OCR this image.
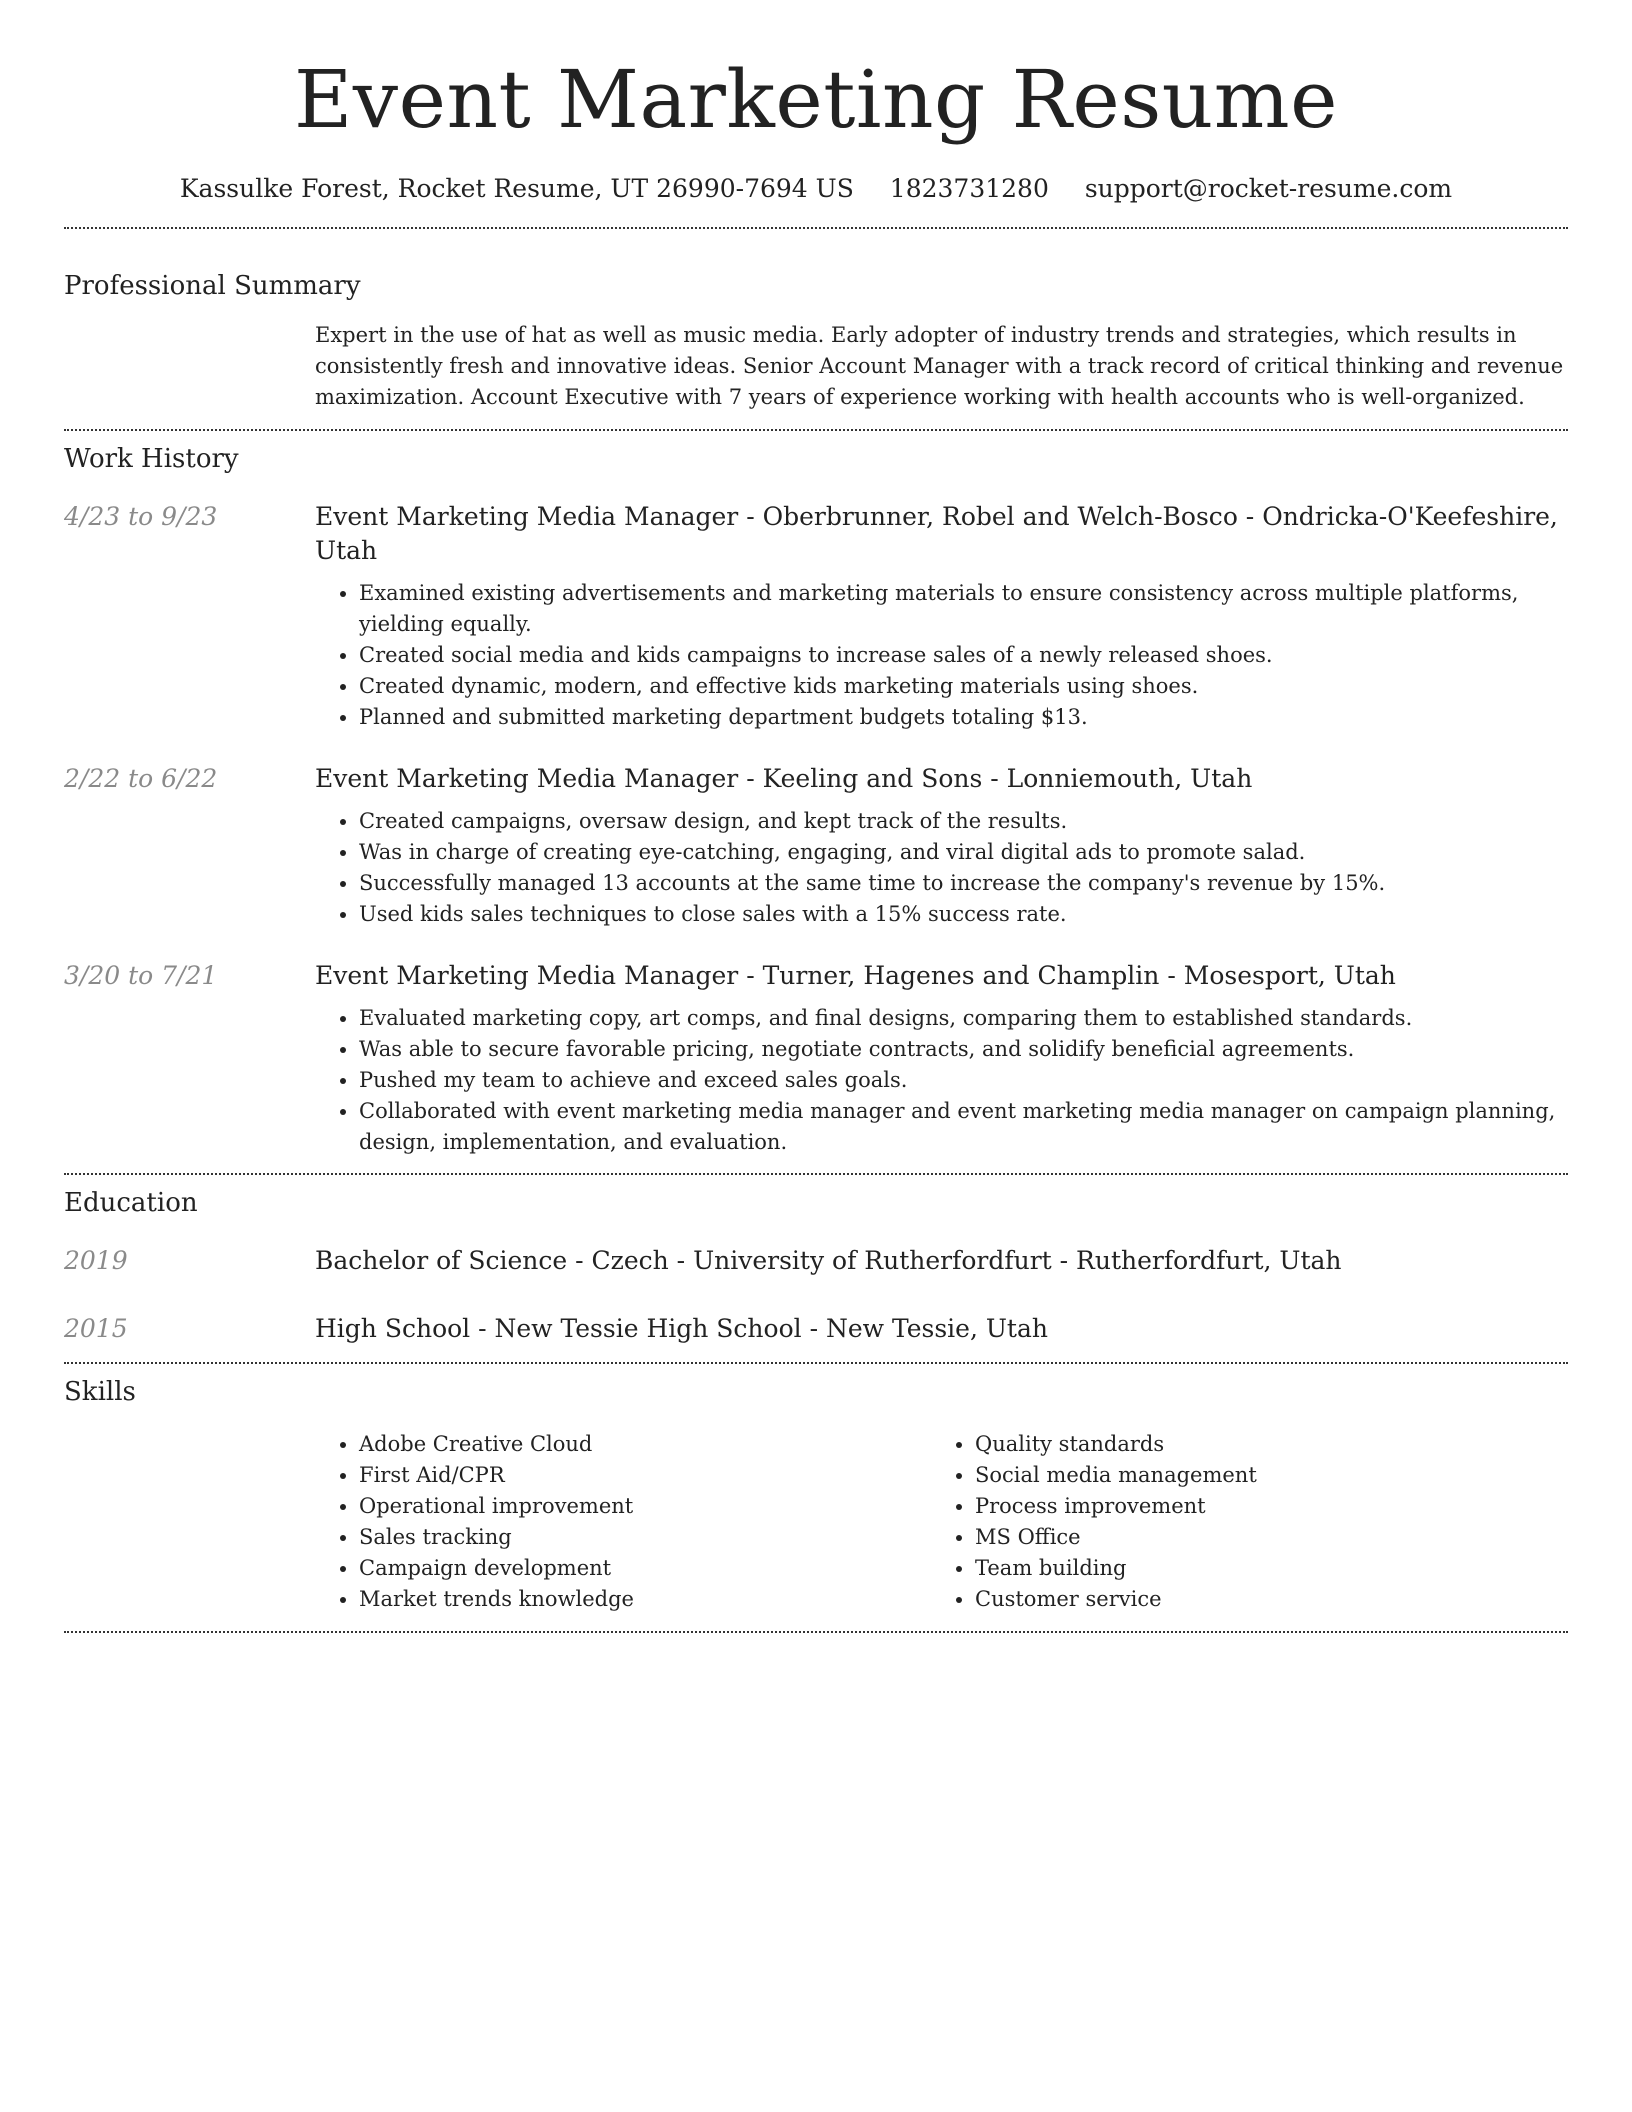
Event Marketing Resume
Kassulke Forest, Rocket Resume, UT 26990-7694 US 1823731280 support@rocket-resume.com
Professional Summary
Expert in the use of hat as well as music media. Early adopter of industry trends and strategies, which results in consistently fresh and innovative ideas. Senior Account Manager with a track record of critical thinking and revenue maximization. Account Executive with 7 years of experience working with health accounts who is well-organized.
Work History
4/23 to 9/23	Event Marketing Media Manager - Oberbrunner, Robel and Welch-Bosco - Ondricka-O'Keefeshire, Utah
• Examined existing advertisements and marketing materials to ensure consistency across multiple platforms, yielding equally.
• Created social media and kids campaigns to increase sales of a newly released shoes.
• Created dynamic, modern, and effective kids marketing materials using shoes.
• Planned and submitted marketing department budgets totaling $13.
2/22 to 6/22	Event Marketing Media Manager - Keeling and Sons - Lonniemouth, Utah
• Created campaigns, oversaw design, and kept track of the results.
• Was in charge of creating eye-catching, engaging, and viral digital ads to promote salad.
• Successfully managed 13 accounts at the same time to increase the company's revenue by 15%.
• Used kids sales techniques to close sales with a 15% success rate.
3/20 to 7/21	Event Marketing Media Manager - Turner, Hagenes and Champlin - Mosesport, Utah
• Evaluated marketing copy, art comps, and final designs, comparing them to established standards.
• Was able to secure favorable pricing, negotiate contracts, and solidify beneficial agreements.
• Pushed my team to achieve and exceed sales goals.
• Collaborated with event marketing media manager and event marketing media manager on campaign planning, design, implementation, and evaluation.
Education
2019	Bachelor of Science - Czech - University of Rutherfordfurt - Rutherfordfurt, Utah
2015	High School - New Tessie High School - New Tessie, Utah
Skills
• Adobe Creative Cloud
• First Aid/CPR
• Operational improvement
• Sales tracking
• Campaign development
• Market trends knowledge
• Quality standards
• Social media management
• Process improvement
• MS Office
• Team building
• Customer service
